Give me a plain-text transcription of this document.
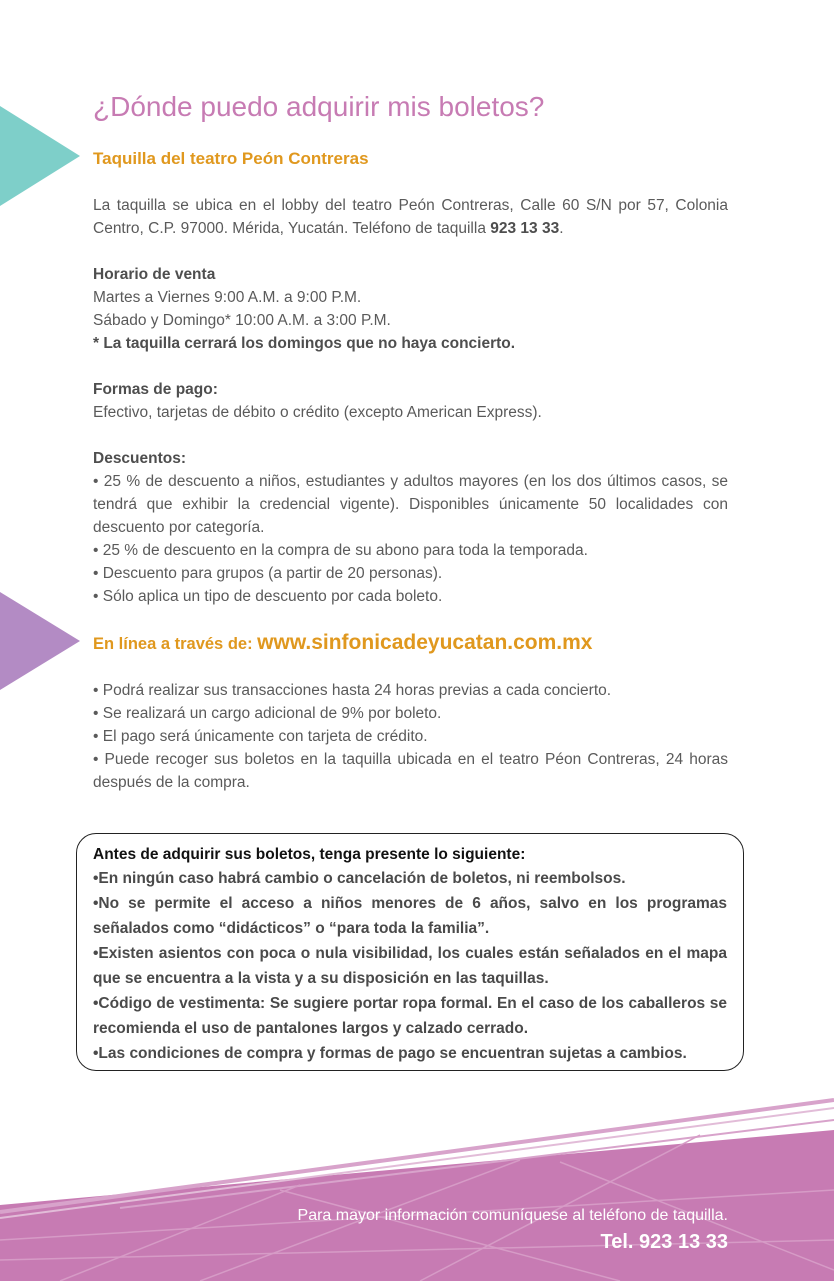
¿Dónde puedo adquirir mis boletos?
Taquilla del teatro Peón Contreras

La taquilla se ubica en el lobby del teatro Peón Contreras, Calle 60 S/N por 57, Colonia Centro, C.P. 97000. Mérida, Yucatán. Teléfono de taquilla 923 13 33.

Horario de venta

Martes a Viernes 9:00 A.M. a 9:00 P.M.

Sábado y Domingo* 10:00 A.M. a 3:00 P.M.

* La taquilla cerrará los domingos que no haya concierto.

Formas de pago:

Efectivo, tarjetas de débito o crédito (excepto American Express).

Descuentos:

• 25 % de descuento a niños, estudiantes y adultos mayores (en los dos últimos casos, se tendrá que exhibir la credencial vigente). Disponibles únicamente 50 localidades con descuento por categoría.

• 25 % de descuento en la compra de su abono para toda la temporada.

• Descuento para grupos (a partir de 20 personas).

• Sólo aplica un tipo de descuento por cada boleto.

En línea a través de: www.sinfonicadeyucatan.com.mx

• Podrá realizar sus transacciones hasta 24 horas previas a cada concierto.

• Se realizará un cargo adicional de 9% por boleto.

• El pago será únicamente con tarjeta de crédito.

• Puede recoger sus boletos en la taquilla ubicada en el teatro Péon Contreras, 24 horas después de la compra.

Antes de adquirir sus boletos, tenga presente lo siguiente:

•En ningún caso habrá cambio o cancelación de boletos, ni reembolsos.

•No se permite el acceso a niños menores de 6 años, salvo en los programas señalados como “didácticos” o “para toda la familia”.

•Existen asientos con poca o nula visibilidad, los cuales están señalados en el mapa que se encuentra a la vista y a su disposición en las taquillas.

•Código de vestimenta: Se sugiere portar ropa formal. En el caso de los caballeros se recomienda el uso de pantalones largos y calzado cerrado.

•Las condiciones de compra y formas de pago se encuentran sujetas a cambios.

Para mayor información comuníquese al teléfono de taquilla.
Tel. 923 13 33
